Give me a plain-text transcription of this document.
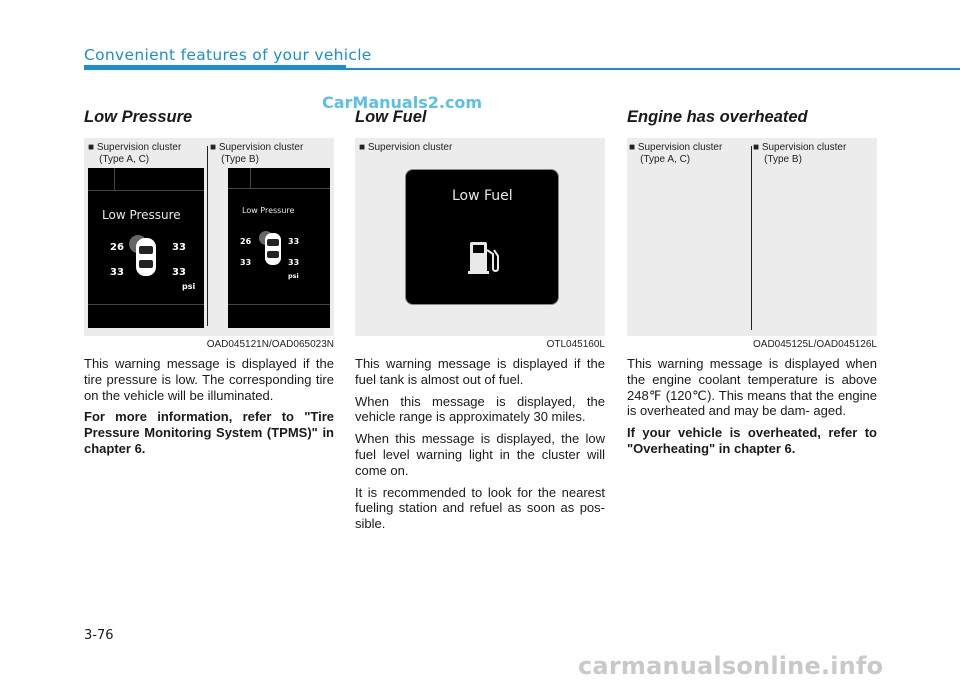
Convenient features of your vehicle
CarManuals2.com
Low Pressure
■ Supervision cluster
(Type A, C)
■ Supervision cluster
(Type B)
Low Pressure
26	33
33	33
psi
Low Pressure
26	33
33	33
psi
OAD045121N/OAD065023N

This warning message is displayed if the tire pressure is low. The corresponding tire on the vehicle will be illuminated.

For more information, refer to "Tire Pressure Monitoring System (TPMS)" in chapter 6.

Low Fuel
■ Supervision cluster
Low Fuel
OTL045160L

This warning message is displayed if the fuel tank is almost out of fuel.

When this message is displayed, the vehicle range is approximately 30 miles.

When this message is displayed, the low fuel level warning light in the cluster will come on.

It is recommended to look for the nearest fueling station and refuel as soon as pos- sible.

Engine has overheated
■ Supervision cluster
(Type A, C)
■ Supervision cluster
(Type B)
OAD045125L/OAD045126L

This warning message is displayed when the engine coolant temperature is above 248℉ (120℃). This means that the engine is overheated and may be dam- aged.

If your vehicle is overheated, refer to "Overheating" in chapter 6.

3-76
carmanualsonline.info
